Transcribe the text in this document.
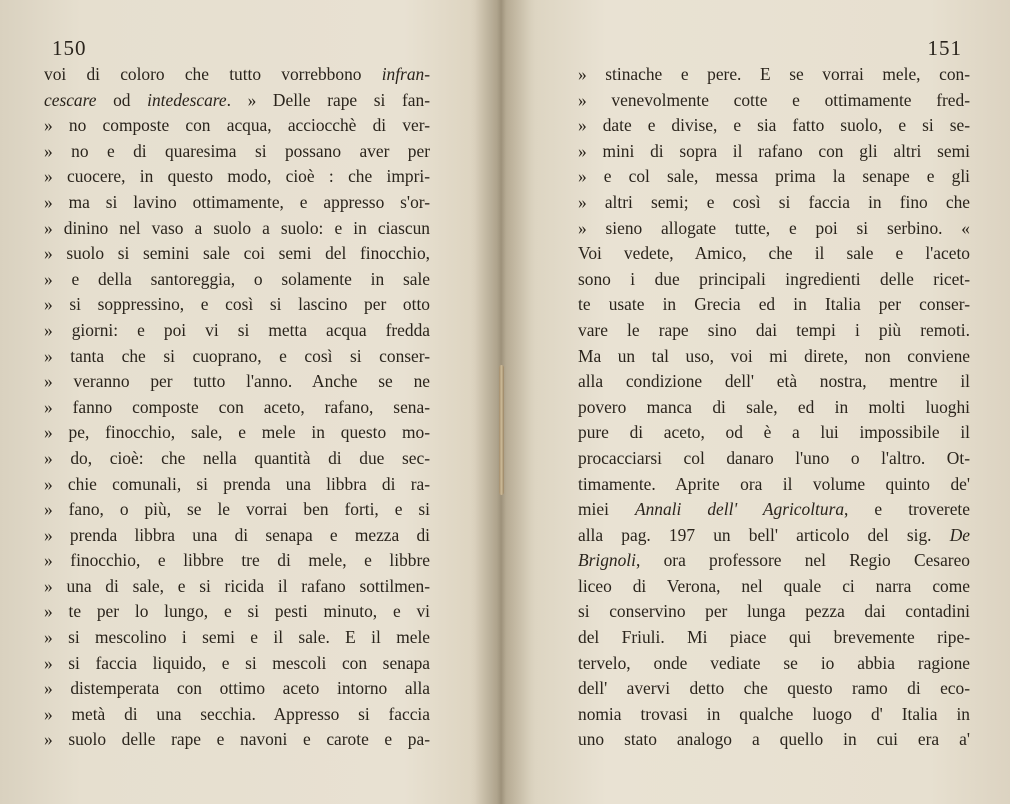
150
voi di coloro che tutto vorrebbono infran-
cescare od intedescare. » Delle rape si fan-
» no composte con acqua, acciocchè di ver-
» no e di quaresima si possano aver per
» cuocere, in questo modo, cioè : che impri-
» ma si lavino ottimamente, e appresso s'or-
» dinino nel vaso a suolo a suolo: e in ciascun
» suolo si semini sale coi semi del finocchio,
» e della santoreggia, o solamente in sale
» si soppressino, e così si lascino per otto
» giorni: e poi vi si metta acqua fredda
» tanta che si cuoprano, e così si conser-
» veranno per tutto l'anno. Anche se ne
» fanno composte con aceto, rafano, sena-
» pe, finocchio, sale, e mele in questo mo-
» do, cioè: che nella quantità di due sec-
» chie comunali, si prenda una libbra di ra-
» fano, o più, se le vorrai ben forti, e si
» prenda libbra una di senapa e mezza di
» finocchio, e libbre tre di mele, e libbre
» una di sale, e si ricida il rafano sottilmen-
» te per lo lungo, e si pesti minuto, e vi
» si mescolino i semi e il sale. E il mele
» si faccia liquido, e si mescoli con senapa
» distemperata con ottimo aceto intorno alla
» metà di una secchia. Appresso si faccia
» suolo delle rape e navoni e carote e pa-
151
» stinache e pere. E se vorrai mele, con-
» venevolmente cotte e ottimamente fred-
» date e divise, e sia fatto suolo, e si se-
» mini di sopra il rafano con gli altri semi
» e col sale, messa prima la senape e gli
» altri semi; e così si faccia in fino che
» sieno allogate tutte, e poi si serbino. «
Voi vedete, Amico, che il sale e l'aceto
sono i due principali ingredienti delle ricet-
te usate in Grecia ed in Italia per conser-
vare le rape sino dai tempi i più remoti.
Ma un tal uso, voi mi direte, non conviene
alla condizione dell' età nostra, mentre il
povero manca di sale, ed in molti luoghi
pure di aceto, od è a lui impossibile il
procacciarsi col danaro l'uno o l'altro. Ot-
timamente. Aprite ora il volume quinto de'
miei Annali dell' Agricoltura, e troverete
alla pag. 197 un bell' articolo del sig. De
Brignoli, ora professore nel Regio Cesareo
liceo di Verona, nel quale ci narra come
si conservino per lunga pezza dai contadini
del Friuli. Mi piace qui brevemente ripe-
tervelo, onde vediate se io abbia ragione
dell' avervi detto che questo ramo di eco-
nomia trovasi in qualche luogo d' Italia in
uno stato analogo a quello in cui era a'
